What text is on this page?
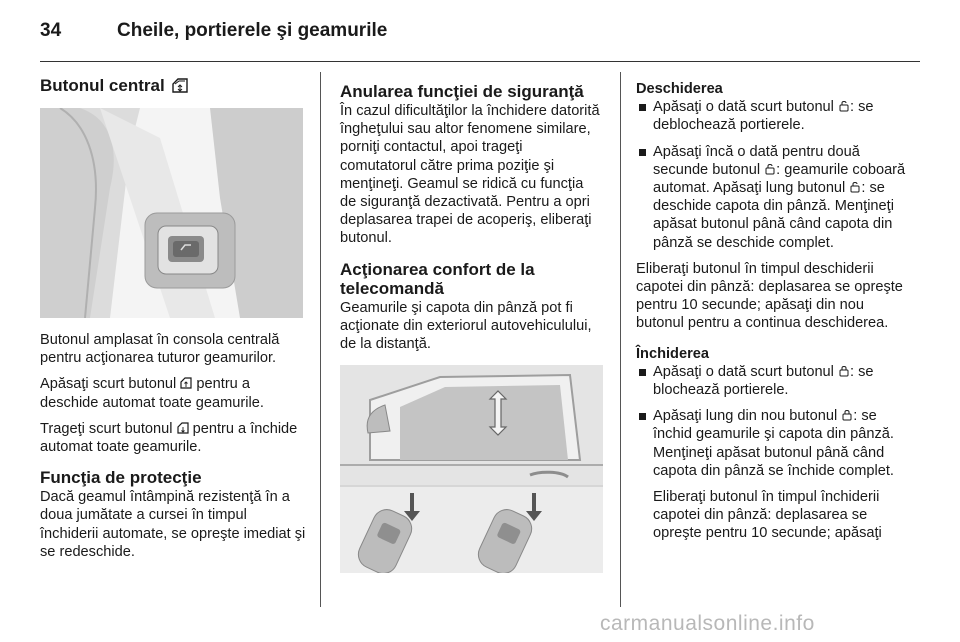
34	Cheile, portierele şi geamurile
Butonul central

Butonul amplasat în consola centrală pentru acţionarea tuturor geamurilor.

Apăsaţi scurt butonul pentru a deschide automat toate geamurile.

Trageţi scurt butonul pentru a închide automat toate geamurile.

Funcţia de protecţie

Dacă geamul întâmpină rezistenţă în a doua jumătate a cursei în timpul închiderii automate, se opreşte imediat şi se redeschide.

Anularea funcţiei de siguranţă

În cazul dificultăţilor la închidere datorită îngheţului sau altor fenomene similare, porniţi contactul, apoi trageţi comutatorul către prima poziţie şi menţineţi. Geamul se ridică cu funcţia de siguranţă dezactivată. Pentru a opri deplasarea trapei de acoperiş, eliberaţi butonul.

Acţionarea confort de la telecomandă

Geamurile şi capota din pânză pot fi acţionate din exteriorul autovehiculului, de la distanţă.

Deschiderea
Apăsaţi o dată scurt butonul : se deblochează portierele.
Apăsaţi încă o dată pentru două secunde butonul : geamurile coboară automat. Apăsaţi lung butonul : se deschide capota din pânză. Menţineţi apăsat butonul până când capota din pânză se deschide complet.

Eliberaţi butonul în timpul deschiderii capotei din pânză: deplasarea se opreşte pentru 10 secunde; apăsaţi din nou butonul pentru a continua deschiderea.

Închiderea
Apăsaţi o dată scurt butonul : se blochează portierele.
Apăsaţi lung din nou butonul : se închid geamurile şi capota din pânză. Menţineţi apăsat butonul până când capota din pânză se închide complet.

Eliberaţi butonul în timpul închiderii capotei din pânză: deplasarea se opreşte pentru 10 secunde; apăsaţi

carmanualsonline.info
